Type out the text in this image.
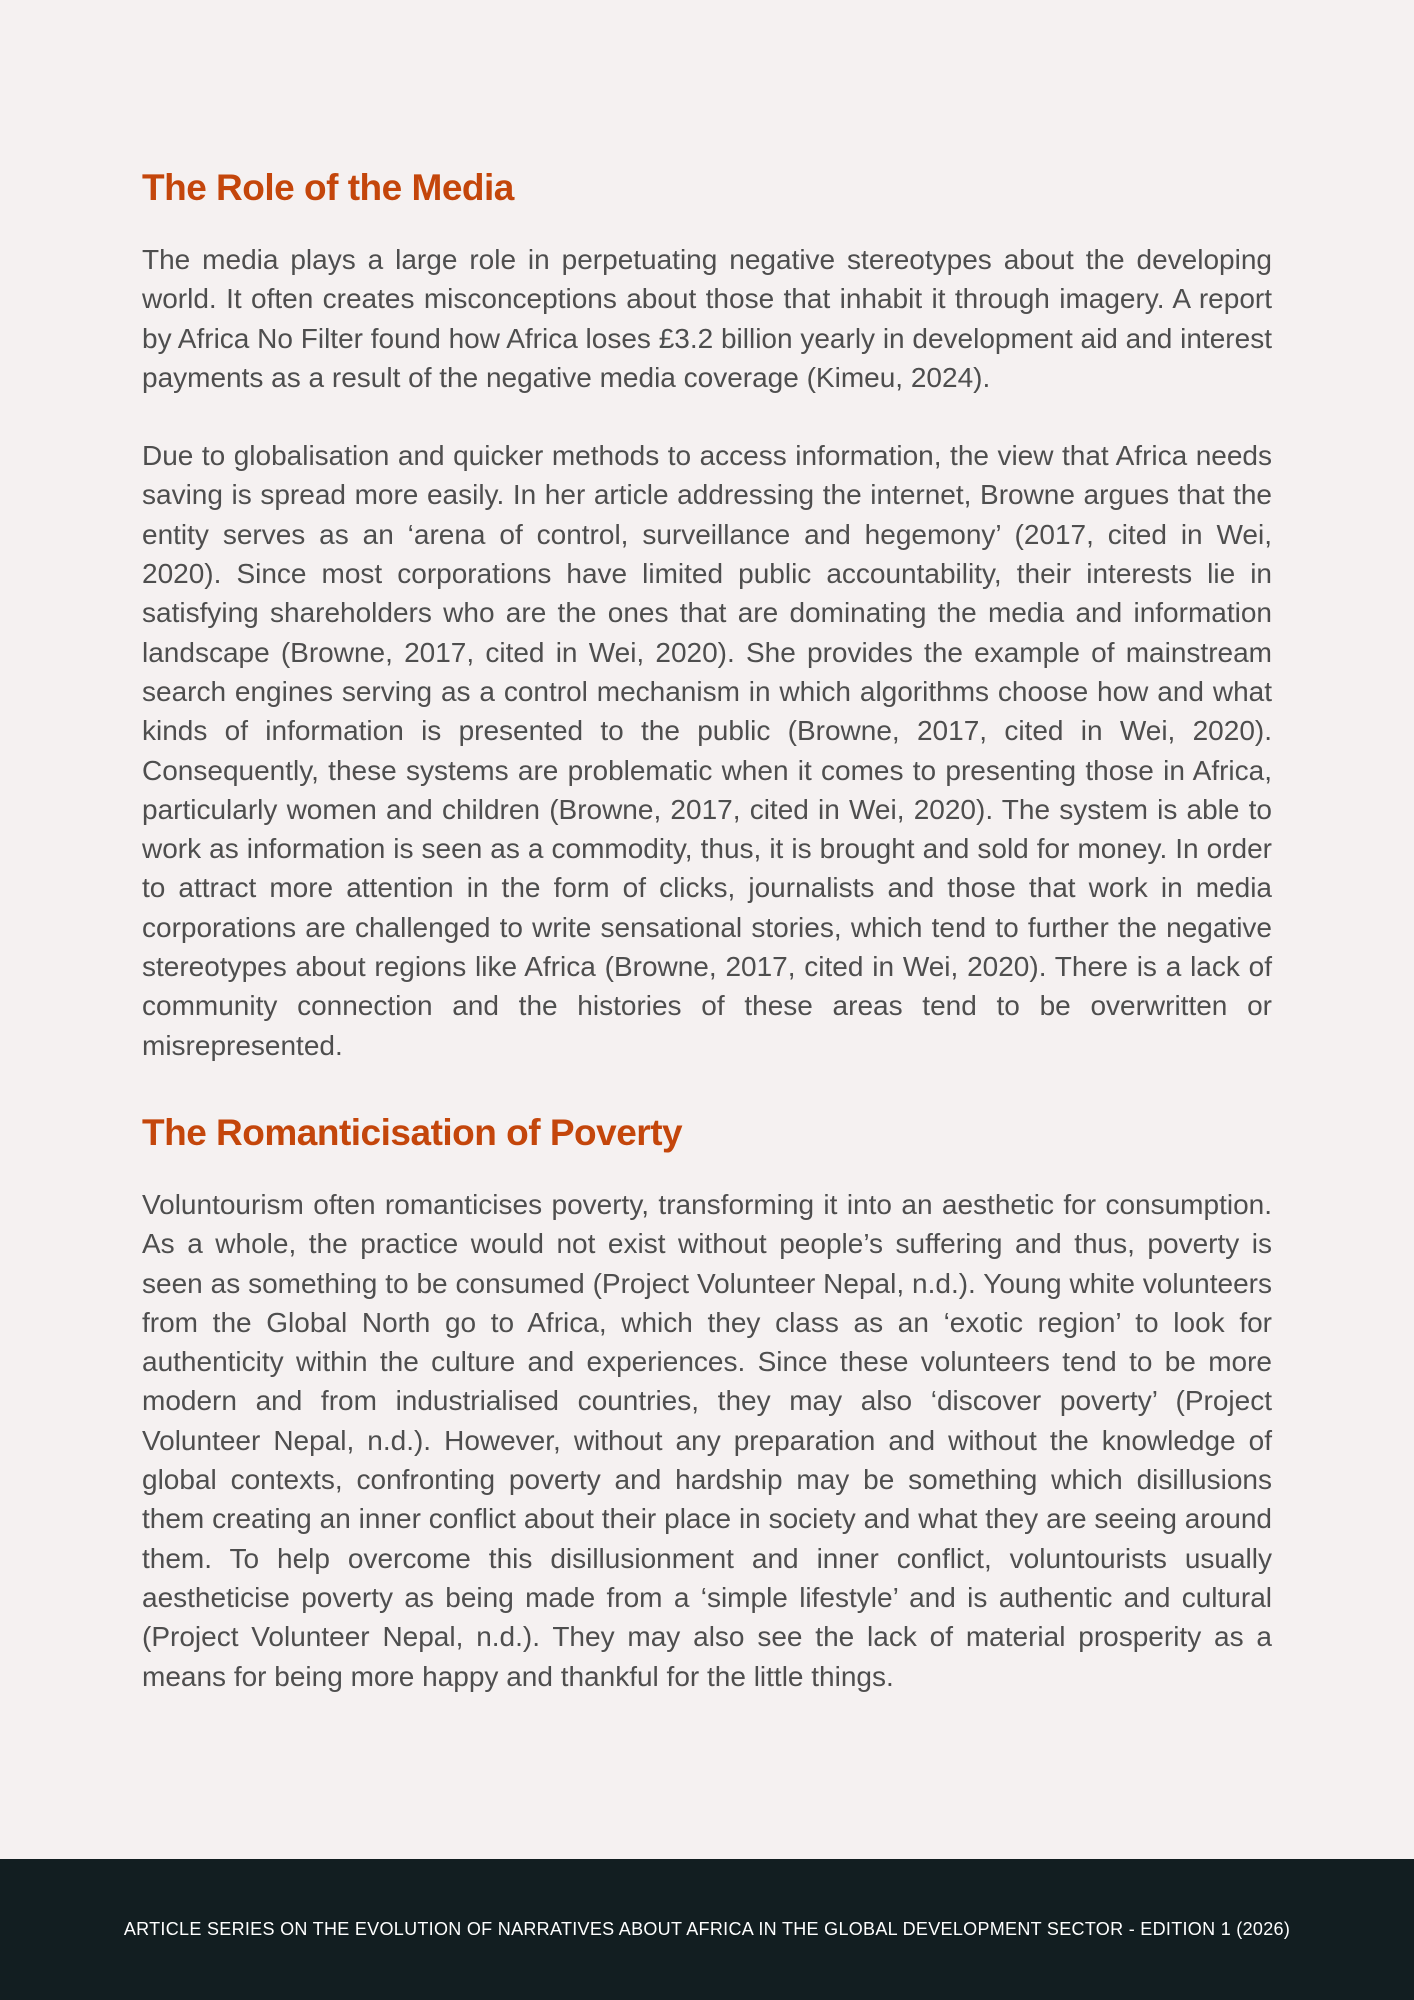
The Role of the Media

The media plays a large role in perpetuating negative stereotypes about the developing world. It often creates misconceptions about those that inhabit it through imagery. A report by Africa No Filter found how Africa loses £3.2 billion yearly in development aid and interest payments as a result of the negative media coverage (Kimeu, 2024).

Due to globalisation and quicker methods to access information, the view that Africa needs saving is spread more easily. In her article addressing the internet, Browne argues that the entity serves as an ‘arena of control, surveillance and hegemony’ (2017, cited in Wei, 2020). Since most corporations have limited public accountability, their interests lie in satisfying shareholders who are the ones that are dominating the media and information landscape (Browne, 2017, cited in Wei, 2020). She provides the example of mainstream search engines serving as a control mechanism in which algorithms choose how and what kinds of information is presented to the public (Browne, 2017, cited in Wei, 2020). Consequently, these systems are problematic when it comes to presenting those in Africa, particularly women and children (Browne, 2017, cited in Wei, 2020). The system is able to work as information is seen as a commodity, thus, it is brought and sold for money. In order to attract more attention in the form of clicks, journalists and those that work in media corporations are challenged to write sensational stories, which tend to further the negative stereotypes about regions like Africa (Browne, 2017, cited in Wei, 2020). There is a lack of community connection and the histories of these areas tend to be overwritten or misrepresented.

The Romanticisation of Poverty

Voluntourism often romanticises poverty, transforming it into an aesthetic for consumption. As a whole, the practice would not exist without people’s suffering and thus, poverty is seen as something to be consumed (Project Volunteer Nepal, n.d.). Young white volunteers from the Global North go to Africa, which they class as an ‘exotic region’ to look for authenticity within the culture and experiences. Since these volunteers tend to be more modern and from industrialised countries, they may also ‘discover poverty’ (Project Volunteer Nepal, n.d.). However, without any preparation and without the knowledge of global contexts, confronting poverty and hardship may be something which disillusions them creating an inner conflict about their place in society and what they are seeing around them. To help overcome this disillusionment and inner conflict, voluntourists usually aestheticise poverty as being made from a ‘simple lifestyle’ and is authentic and cultural (Project Volunteer Nepal, n.d.). They may also see the lack of material prosperity as a means for being more happy and thankful for the little things.

ARTICLE SERIES ON THE EVOLUTION OF NARRATIVES ABOUT AFRICA IN THE GLOBAL DEVELOPMENT SECTOR - EDITION 1 (2026)
